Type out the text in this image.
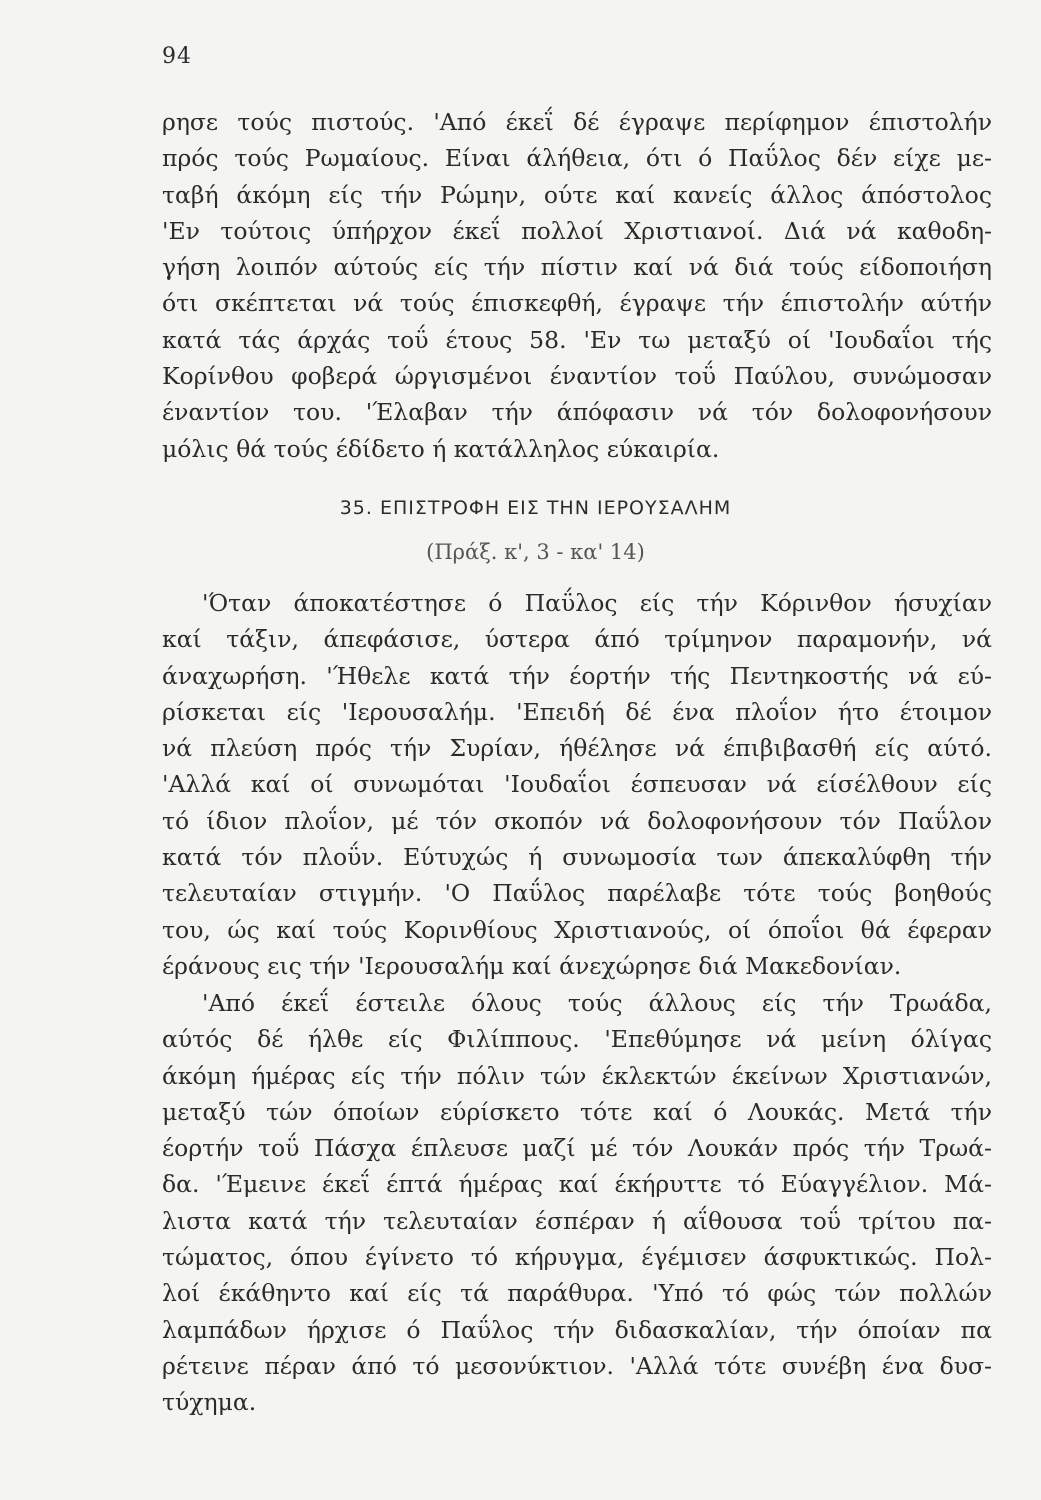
94
ρησε τούς πιστούς. 'Από έκεΐ δέ έγραψε περίφημον έπιστολήν
πρός τούς Ρωμαίους. Είναι άλήθεια, ότι ό Παΰλος δέν είχε με-
ταβή άκόμη είς τήν Ρώμην, ούτε καί κανείς άλλος άπόστολος
'Εν τούτοις ύπήρχον έκεΐ πολλοί Χριστιανοί. Διά νά καθοδη-
γήση λοιπόν αύτούς είς τήν πίστιν καί νά διά τούς είδοποιήση
ότι σκέπτεται νά τούς έπισκεφθή, έγραψε τήν έπιστολήν αύτήν
κατά τάς άρχάς τοΰ έτους 58. 'Εν τω μεταξύ οί 'Ιουδαΐοι τής
Κορίνθου φοβερά ώργισμένοι έναντίον τοΰ Παύλου, συνώμοσαν
έναντίον του. 'Έλαβαν τήν άπόφασιν νά τόν δολοφονήσουν
μόλις θά τούς έδίδετο ή κατάλληλος εύκαιρία.
35. ΕΠΙΣΤΡΟΦΗ ΕΙΣ ΤΗΝ ΙΕΡΟΥΣΑΛΗΜ
(Πράξ. κ', 3 - κα' 14)
'Όταν άποκατέστησε ό Παΰλος είς τήν Κόρινθον ήσυχίαν
καί τάξιν, άπεφάσισε, ύστερα άπό τρίμηνον παραμονήν, νά
άναχωρήση. 'Ήθελε κατά τήν έορτήν τής Πεντηκοστής νά εύ-
ρίσκεται είς 'Ιερουσαλήμ. 'Επειδή δέ ένα πλοΐον ήτο έτοιμον
νά πλεύση πρός τήν Συρίαν, ήθέλησε νά έπιβιβασθή είς αύτό.
'Αλλά καί οί συνωμόται 'Ιουδαΐοι έσπευσαν νά είσέλθουν είς
τό ίδιον πλοΐον, μέ τόν σκοπόν νά δολοφονήσουν τόν Παΰλον
κατά τόν πλοΰν. Εύτυχώς ή συνωμοσία των άπεκαλύφθη τήν
τελευταίαν στιγμήν. 'Ο Παΰλος παρέλαβε τότε τούς βοηθούς
του, ώς καί τούς Κορινθίους Χριστιανούς, οί όποΐοι θά έφεραν
έράνους εις τήν 'Ιερουσαλήμ καί άνεχώρησε διά Μακεδονίαν.
'Από έκεΐ έστειλε όλους τούς άλλους είς τήν Τρωάδα,
αύτός δέ ήλθε είς Φιλίππους. 'Επεθύμησε νά μείνη όλίγας
άκόμη ήμέρας είς τήν πόλιν τών έκλεκτών έκείνων Χριστιανών,
μεταξύ τών όποίων εύρίσκετο τότε καί ό Λουκάς. Μετά τήν
έορτήν τοΰ Πάσχα έπλευσε μαζί μέ τόν Λουκάν πρός τήν Τρωά-
δα. 'Έμεινε έκεΐ έπτά ήμέρας καί έκήρυττε τό Εύαγγέλιον. Μά-
λιστα κατά τήν τελευταίαν έσπέραν ή αΐθουσα τοΰ τρίτου πα-
τώματος, όπου έγίνετο τό κήρυγμα, έγέμισεν άσφυκτικώς. Πολ-
λοί έκάθηντο καί είς τά παράθυρα. 'Υπό τό φώς τών πολλών
λαμπάδων ήρχισε ό Παΰλος τήν διδασκαλίαν, τήν όποίαν πα
ρέτεινε πέραν άπό τό μεσονύκτιον. 'Αλλά τότε συνέβη ένα δυσ-
τύχημα.
